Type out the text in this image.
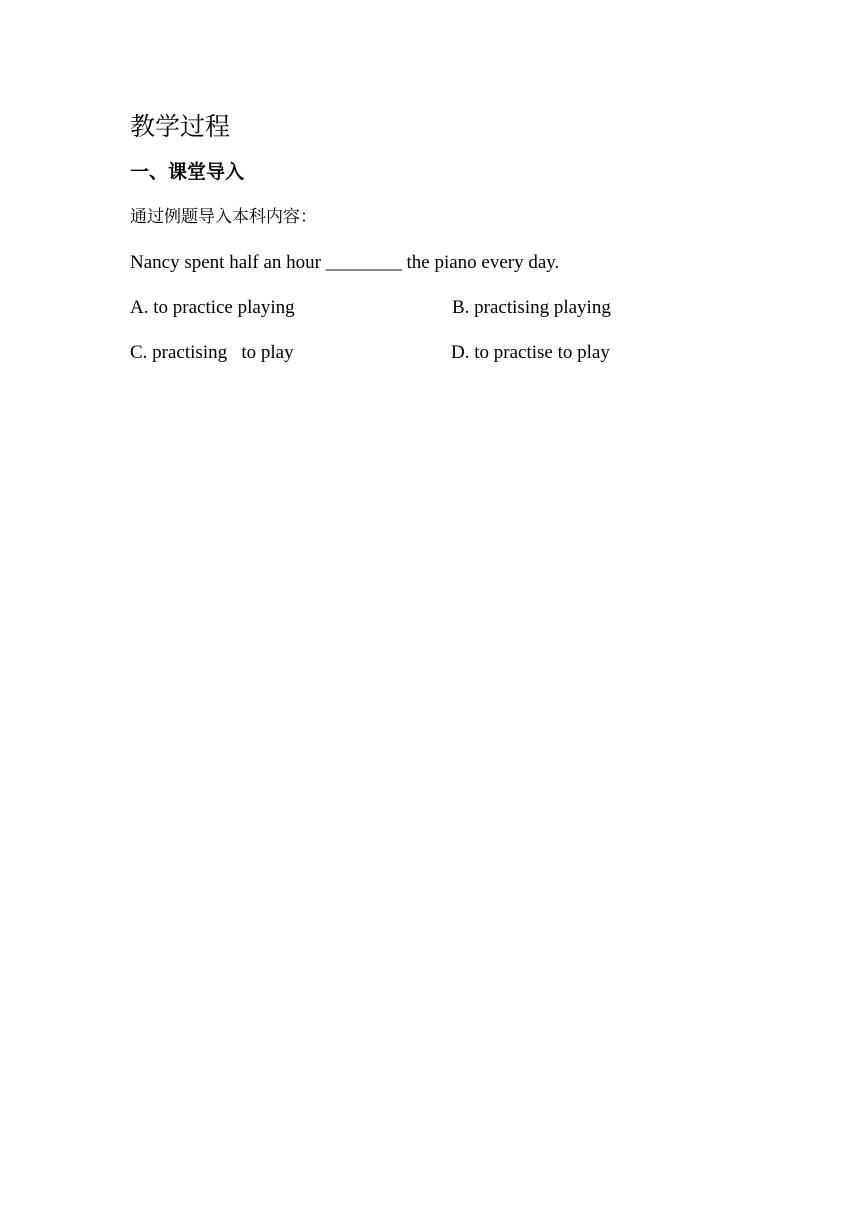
教学过程
一、课堂导入
通过例题导入本科内容：
Nancy spent half an hour ________ the piano every day.
A. to practice playing	B. practising playing
C. practising   to play	D. to practise to play
